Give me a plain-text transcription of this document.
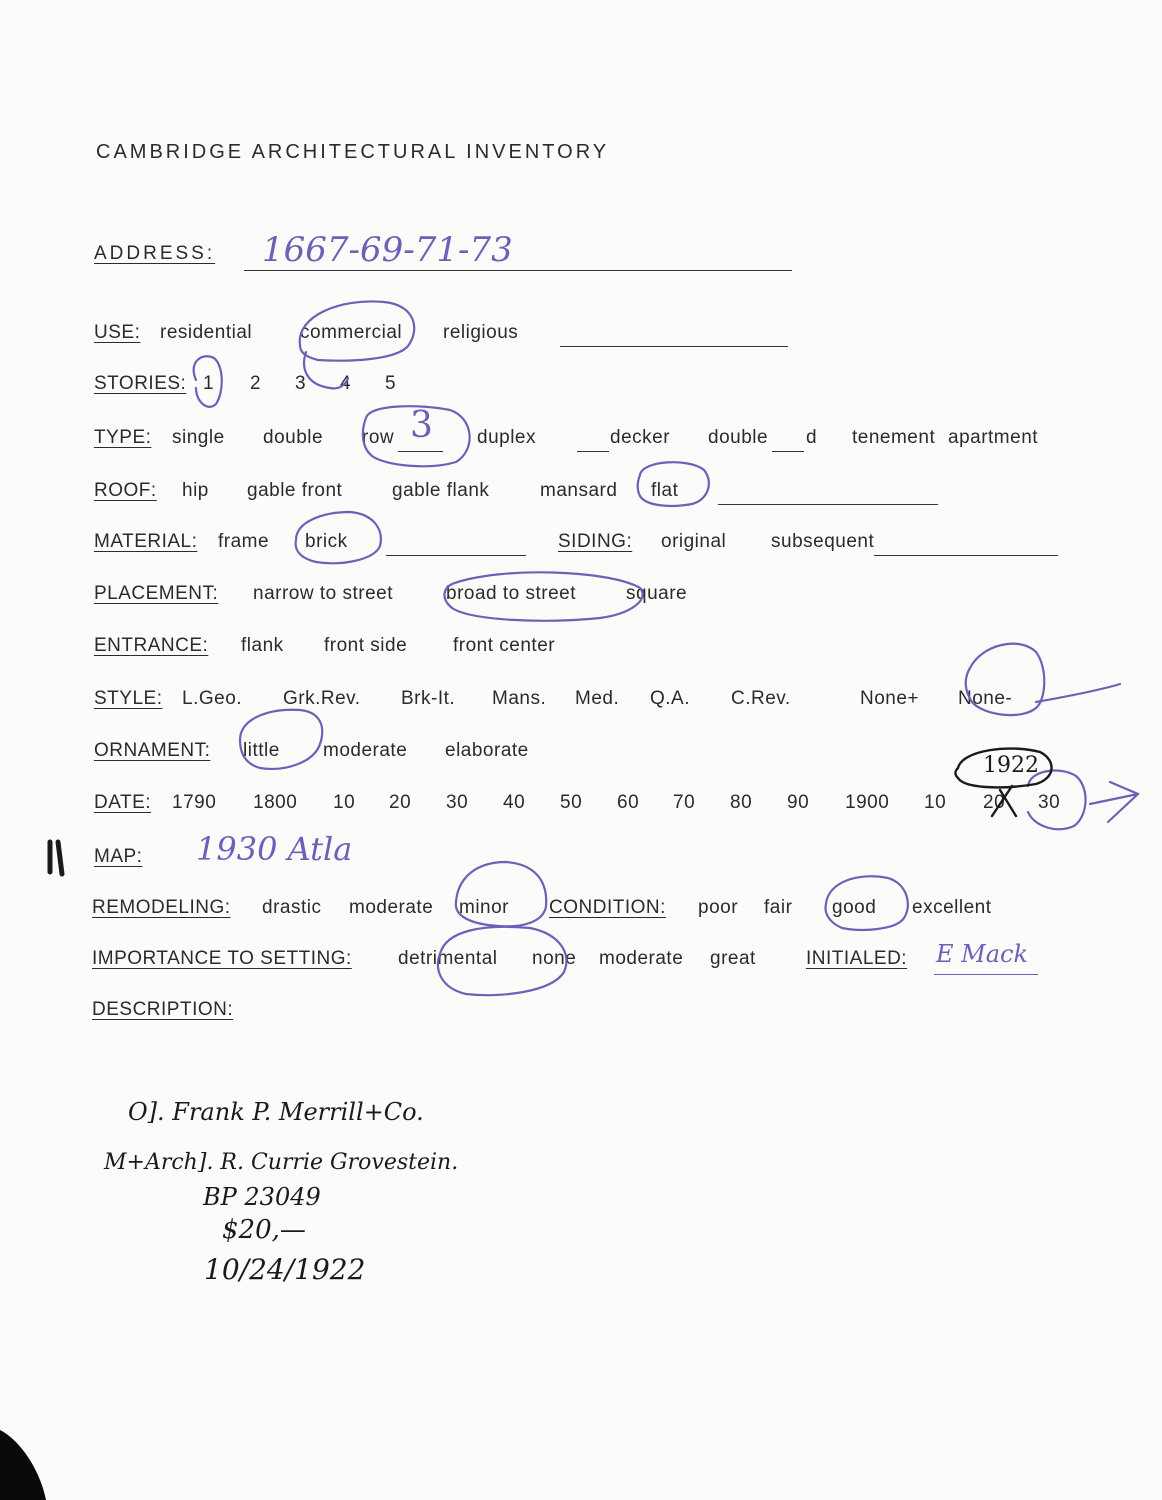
CAMBRIDGE ARCHITECTURAL INVENTORY
ADDRESS: 1667-69-71-73
USE: residential	commercial religious
STORIES: 1 2 3 4 5
TYPE: single double row 3 duplex	decker double d tenement apartment
ROOF: hip gable front	gable flank	mansard flat
MATERIAL: frame brick	SIDING: original subsequent
PLACEMENT: narrow to street	broad to street	square
ENTRANCE: flank front side front center
STYLE: L.Geo. Grk.Rev. Brk-It. Mans. Med. Q.A. C.Rev.	None+ None-
ORNAMENT: little moderate elaborate
1922
DATE: 1790 1800 10 20 30 40 50 60 70 80 90 1900 10 20 30
MAP: 1930 Atla
REMODELING: drastic moderate minor CONDITION: poor fair good excellent
IMPORTANCE TO SETTING: detrimental none moderate great	INITIALED: E Mack
DESCRIPTION:
O]. Frank P. Merrill+Co.
M+Arch]. R. Currie Grovestein.
BP 23049
$20,—
10/24/1922
